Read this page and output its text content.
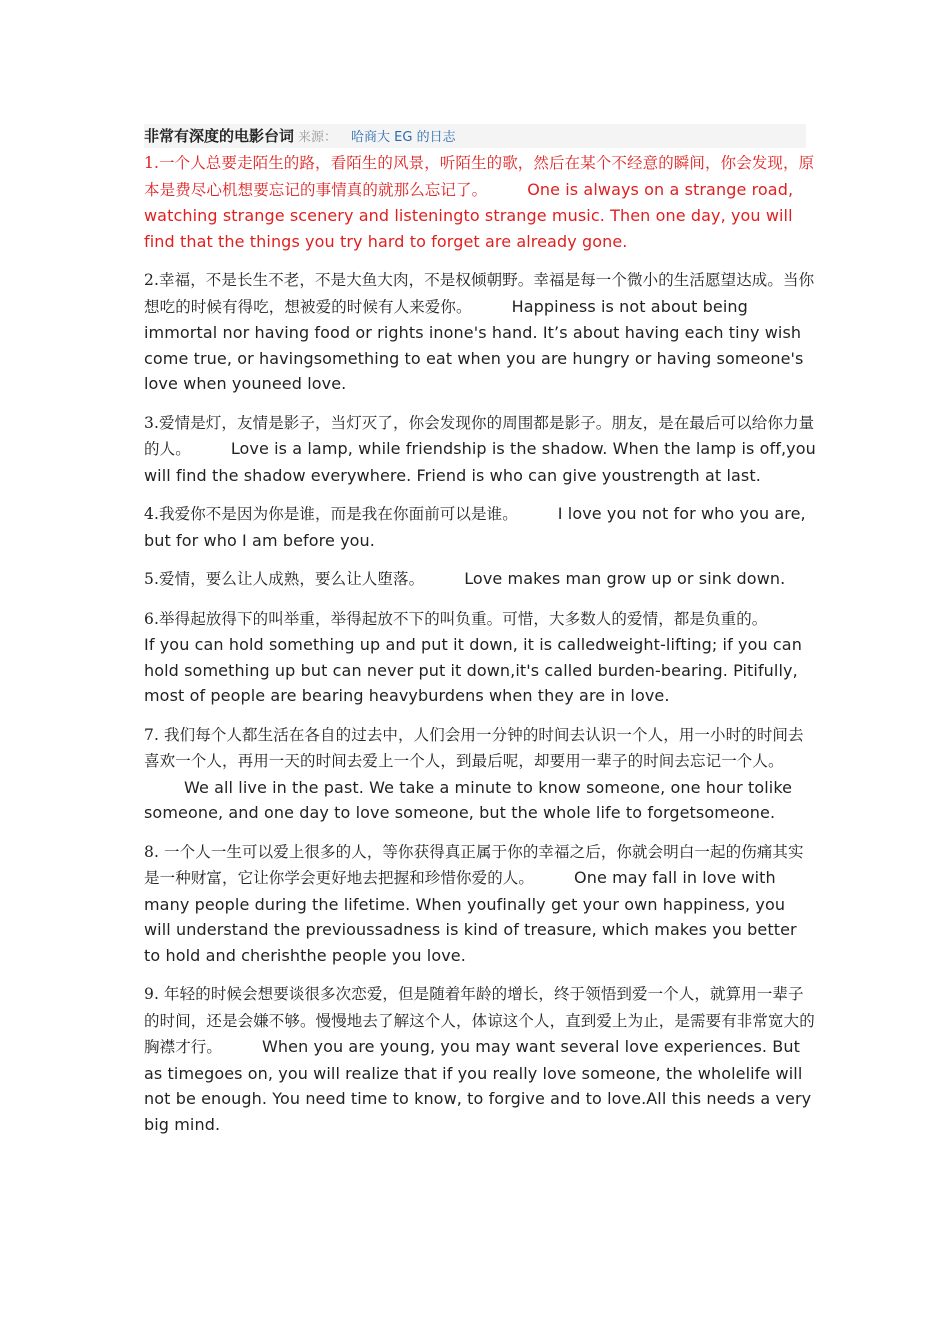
非常有深度的电影台词 来源： 哈商大 EG 的日志

1.一个人总要走陌生的路，看陌生的风景，听陌生的歌，然后在某个不经意的瞬间，你会发现，原本是费尽心机想要忘记的事情真的就那么忘记了。	One is always on a strange road, watching strange scenery and listeningto strange music. Then one day, you will find that the things you try hard to forget are already gone.

2.幸福，不是长生不老，不是大鱼大肉，不是权倾朝野。幸福是每一个微小的生活愿望达成。当你想吃的时候有得吃，想被爱的时候有人来爱你。	Happiness is not about being immortal nor having food or rights inone's hand. It’s about having each tiny wish come true, or havingsomething to eat when you are hungry or having someone's love when youneed love.

3.爱情是灯，友情是影子，当灯灭了，你会发现你的周围都是影子。朋友，是在最后可以给你力量的人。	Love is a lamp, while friendship is the shadow. When the lamp is off,you will find the shadow everywhere. Friend is who can give youstrength at last.

4.我爱你不是因为你是谁，而是我在你面前可以是谁。	I love you not for who you are, but for who I am before you.

5.爱情，要么让人成熟，要么让人堕落。	Love makes man grow up or sink down.

6.举得起放得下的叫举重，举得起放不下的叫负重。可惜，大多数人的爱情，都是负重的。If you can hold something up and put it down, it is calledweight-lifting; if you can hold something up but can never put it down,it's called burden-bearing. Pitifully, most of people are bearing heavyburdens when they are in love.

7. 我们每个人都生活在各自的过去中，人们会用一分钟的时间去认识一个人，用一小时的时间去喜欢一个人，再用一天的时间去爱上一个人，到最后呢，却要用一辈子的时间去忘记一个人。We all live in the past. We take a minute to know someone, one hour tolike someone, and one day to love someone, but the whole life to forgetsomeone.

8. 一个人一生可以爱上很多的人，等你获得真正属于你的幸福之后，你就会明白一起的伤痛其实是一种财富，它让你学会更好地去把握和珍惜你爱的人。	One may fall in love with many people during the lifetime. When youfinally get your own happiness, you will understand the previoussadness is kind of treasure, which makes you better to hold and cherishthe people you love.

9. 年轻的时候会想要谈很多次恋爱，但是随着年龄的增长，终于领悟到爱一个人，就算用一辈子的时间，还是会嫌不够。慢慢地去了解这个人，体谅这个人，直到爱上为止，是需要有非常宽大的胸襟才行。	When you are young, you may want several love experiences. But as timegoes on, you will realize that if you really love someone, the wholelife will not be enough. You need time to know, to forgive and to love.All this needs a very big mind.
